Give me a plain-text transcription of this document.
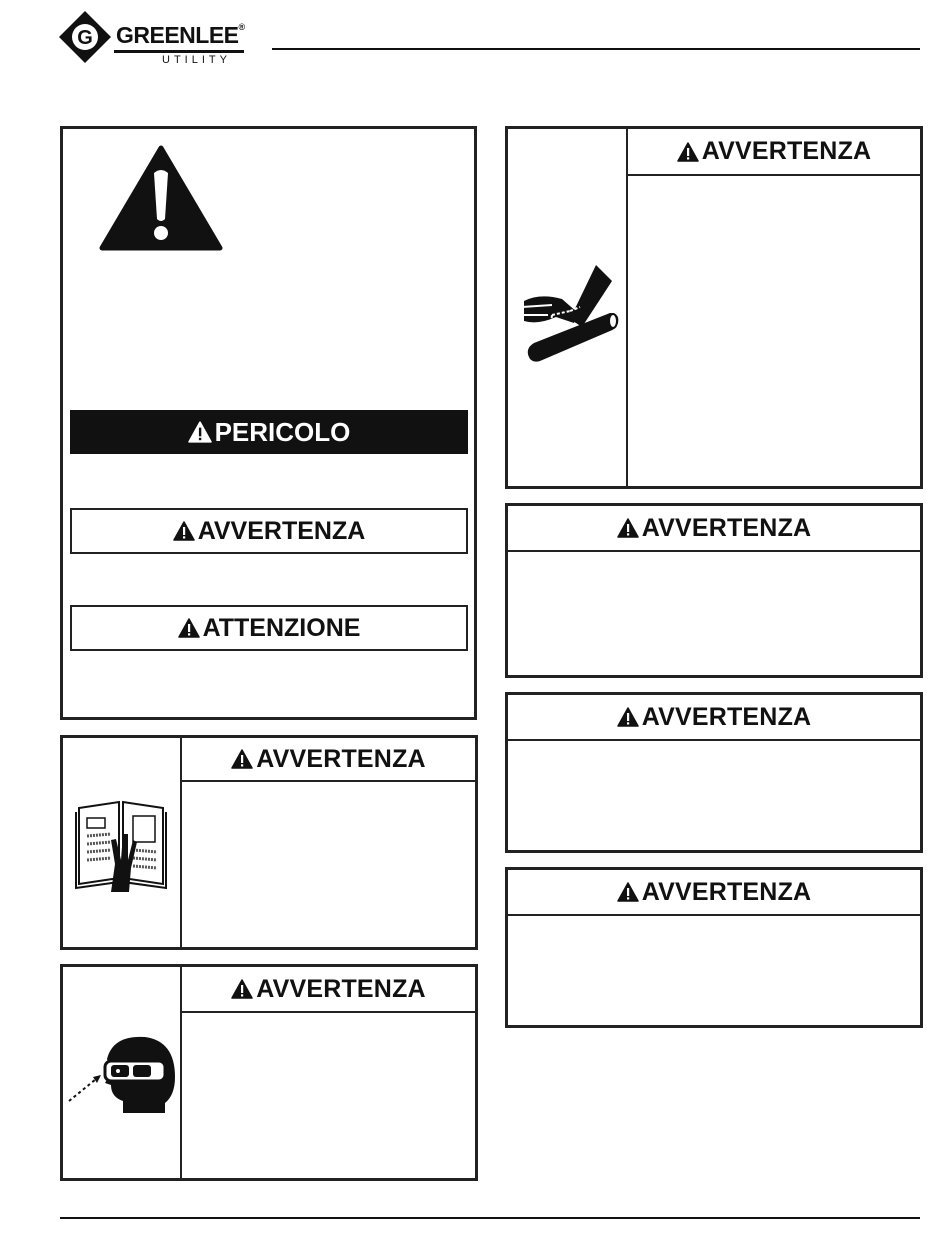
G GREENLEE®
UTILITY
PERICOLO
AVVERTENZA
ATTENZIONE
AVVERTENZA
AVVERTENZA
AVVERTENZA
AVVERTENZA
AVVERTENZA
AVVERTENZA
